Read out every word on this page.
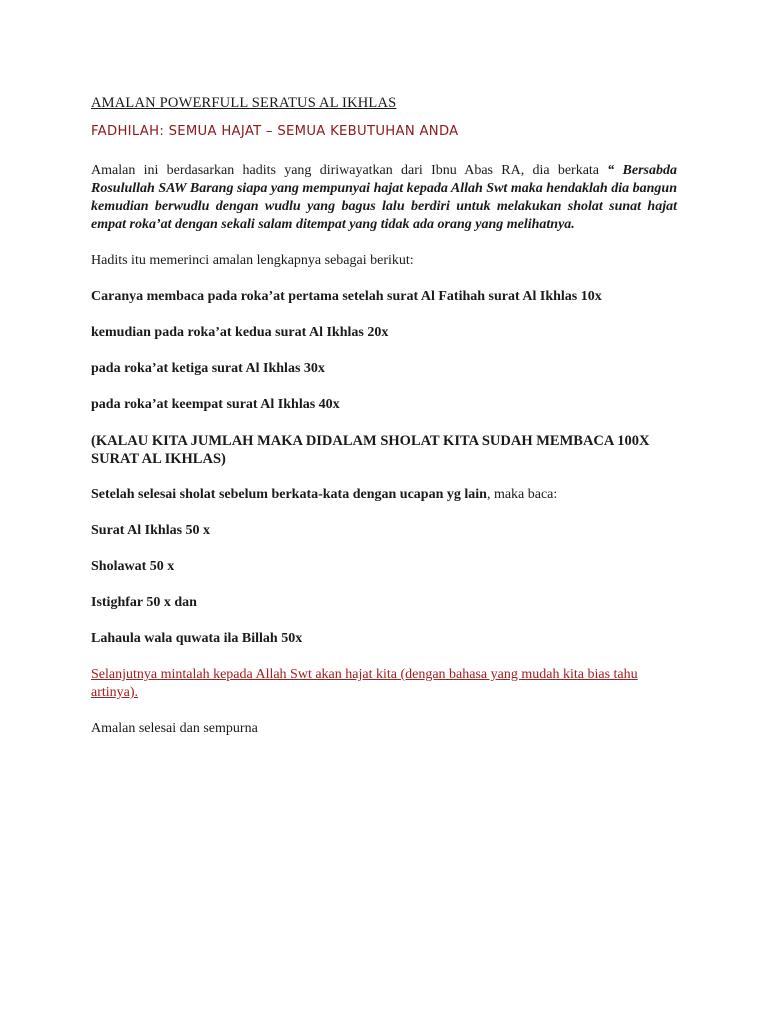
AMALAN POWERFULL SERATUS AL IKHLAS

FADHILAH: SEMUA HAJAT – SEMUA KEBUTUHAN ANDA

Amalan ini berdasarkan hadits yang diriwayatkan dari Ibnu Abas RA, dia berkata “ Bersabda Rosulullah SAW Barang siapa yang mempunyai hajat kepada Allah Swt maka hendaklah dia bangun kemudian berwudlu dengan wudlu yang bagus lalu berdiri untuk melakukan sholat sunat hajat empat roka’at dengan sekali salam ditempat yang tidak ada orang yang melihatnya.

Hadits itu memerinci amalan lengkapnya sebagai berikut:

Caranya membaca pada roka’at pertama setelah surat Al Fatihah surat Al Ikhlas 10x

kemudian pada roka’at kedua surat Al Ikhlas 20x

pada roka’at ketiga surat Al Ikhlas 30x

pada roka’at keempat surat Al Ikhlas 40x

(KALAU KITA JUMLAH MAKA DIDALAM SHOLAT KITA SUDAH MEMBACA 100X SURAT AL IKHLAS)

Setelah selesai sholat sebelum berkata-kata dengan ucapan yg lain, maka baca:

Surat Al Ikhlas 50 x

Sholawat 50 x

Istighfar 50 x dan

Lahaula wala quwata ila Billah 50x

Selanjutnya mintalah kepada Allah Swt akan hajat kita (dengan bahasa yang mudah kita bias tahu artinya).

Amalan selesai dan sempurna
